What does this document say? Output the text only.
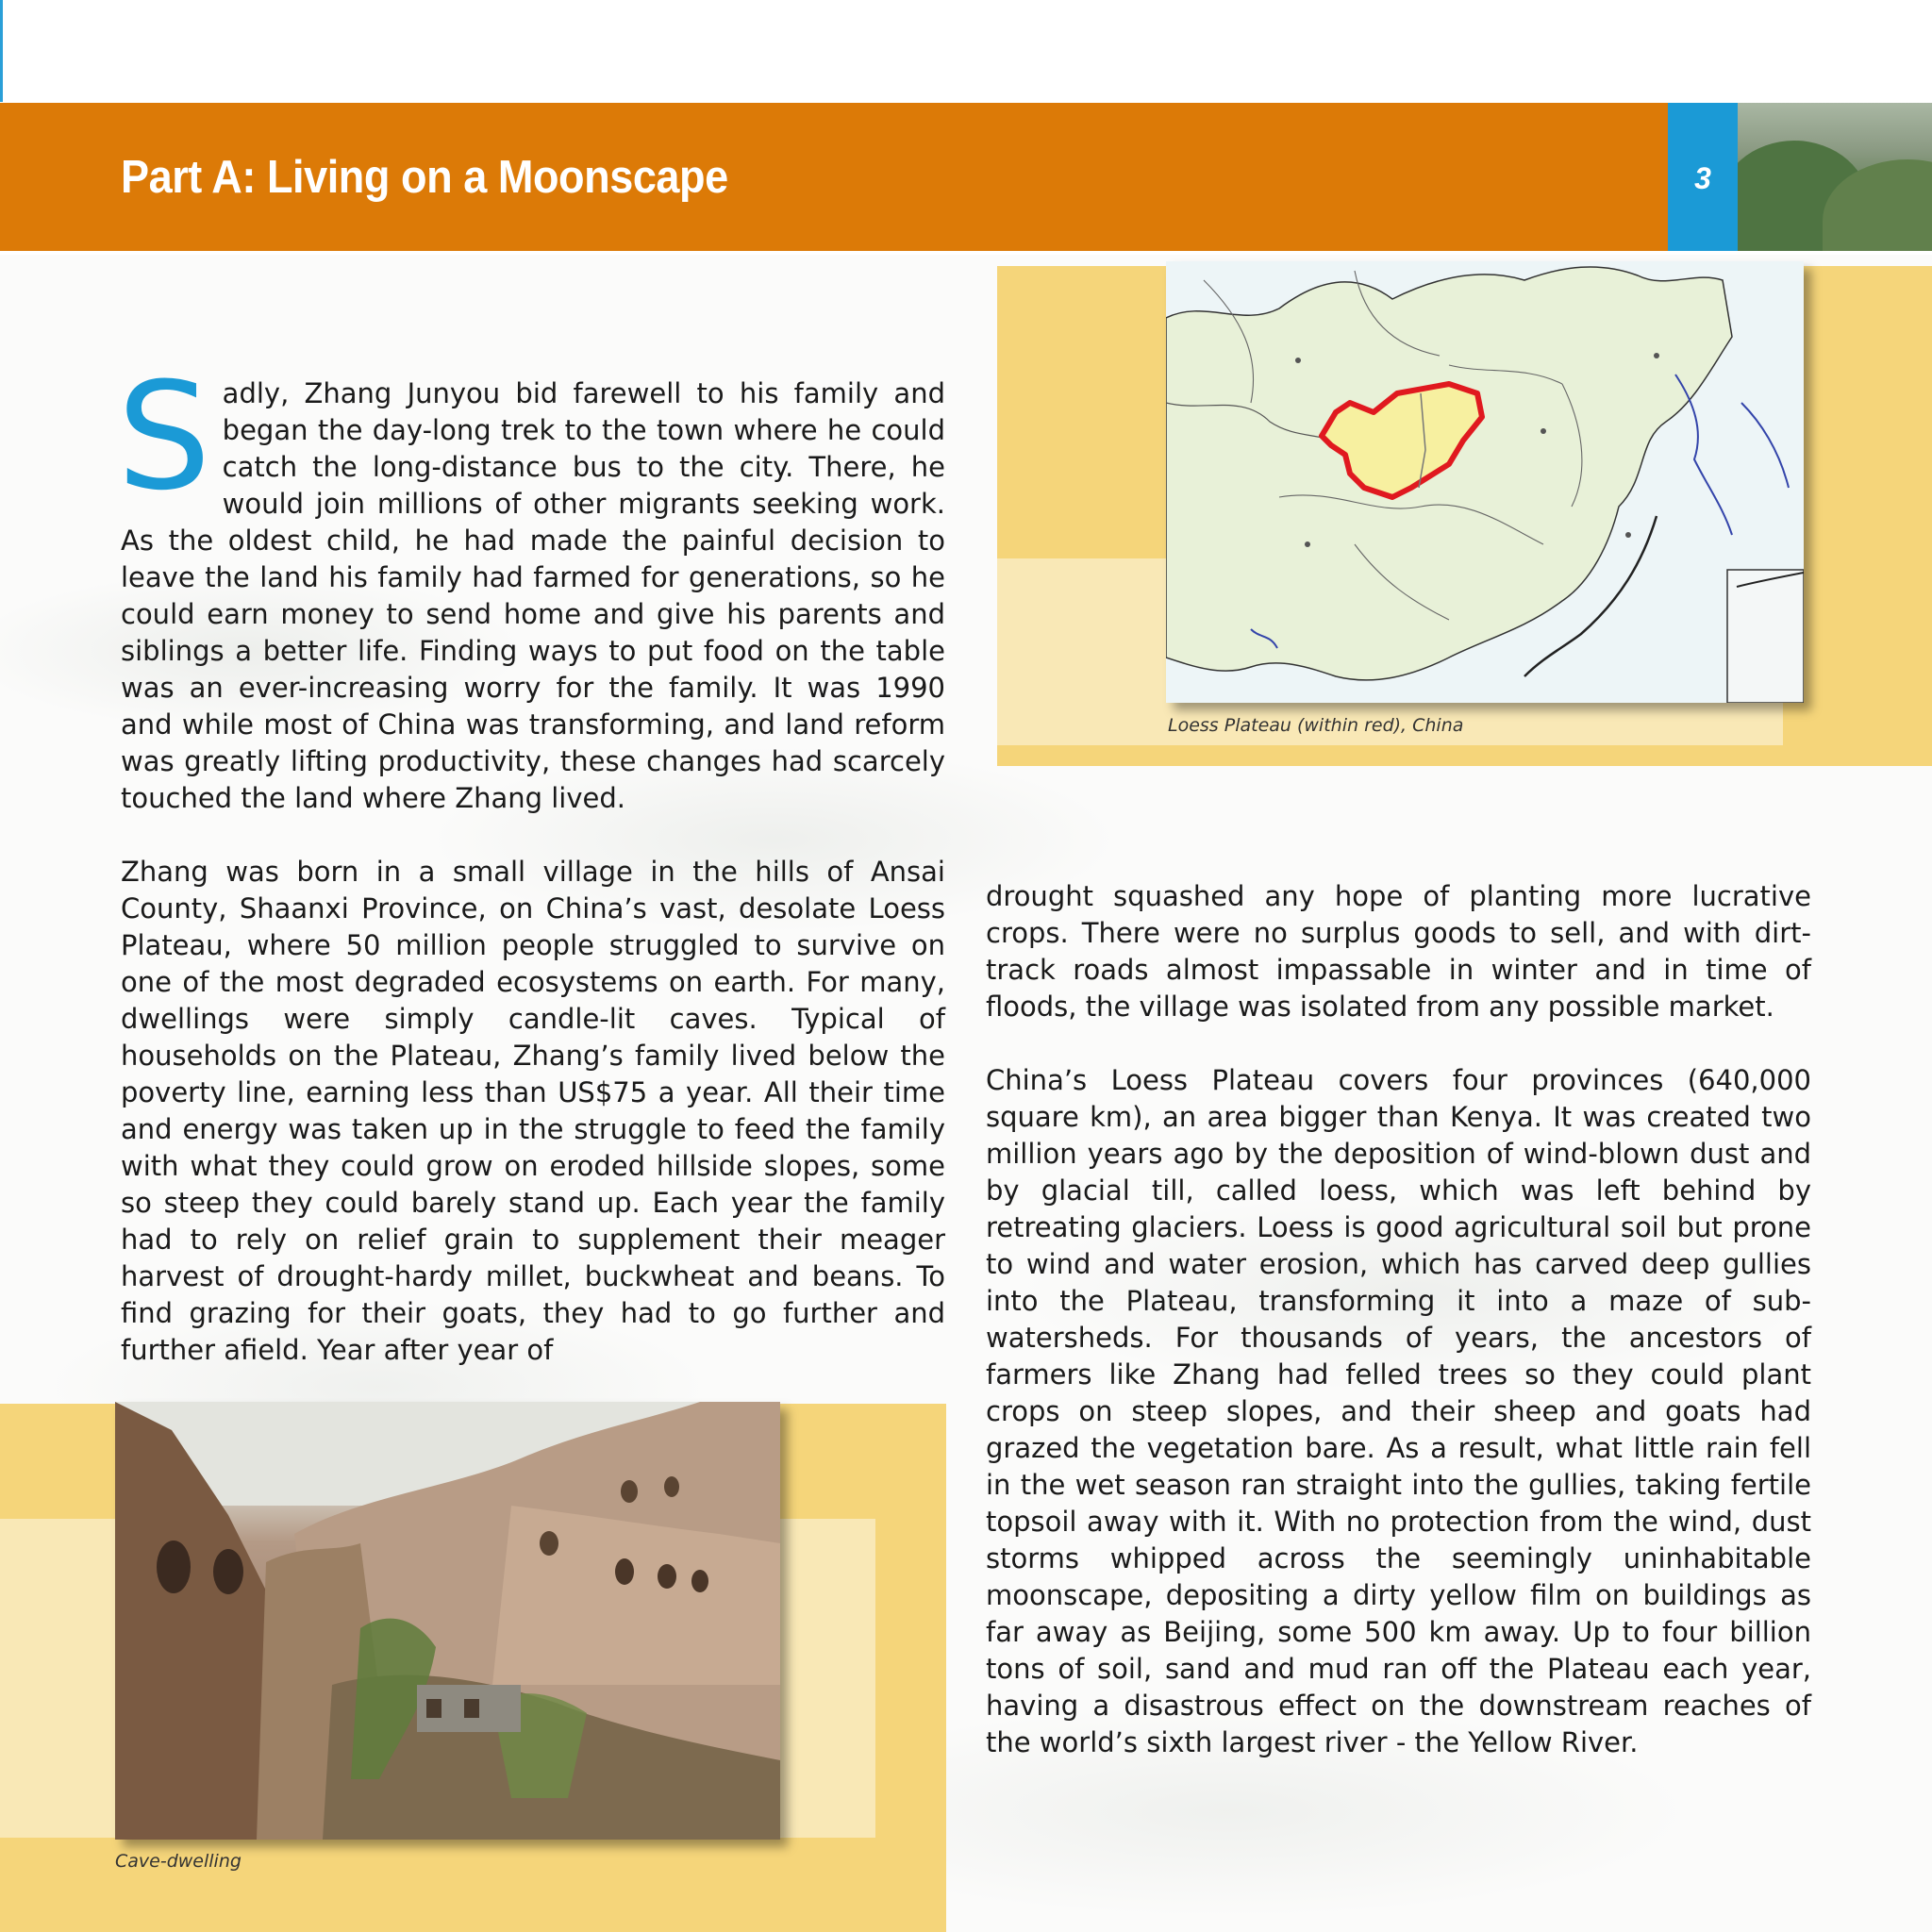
Part A: Living on a Moonscape	3
Loess Plateau (within red), China
Cave-dwelling
S adly, Zhang Junyou bid farewell to his family and began the day-long trek to the town where he could catch the long-distance bus to the city. There, he would join millions of other migrants seeking work. As the oldest child, he had made the painful decision to leave the land his family had farmed for generations, so he could earn money to send home and give his parents and siblings a better life. Finding ways to put food on the table was an ever-increasing worry for the family. It was 1990 and while most of China was transforming, and land reform was greatly lifting productivity, these changes had scarcely touched the land where Zhang lived.

Zhang was born in a small village in the hills of Ansai County, Shaanxi Province, on China’s vast, desolate Loess Plateau, where 50 million people struggled to survive on one of the most degraded ecosystems on earth. For many, dwellings were simply candle-lit caves. Typical of households on the Plateau, Zhang’s family lived below the poverty line, earning less than US$75 a year. All their time and energy was taken up in the struggle to feed the family with what they could grow on eroded hillside slopes, some so steep they could barely stand up. Each year the family had to rely on relief grain to supplement their meager harvest of drought-hardy millet, buckwheat and beans. To find grazing for their goats, they had to go further and further afield. Year after year of

drought squashed any hope of planting more lucrative crops. There were no surplus goods to sell, and with dirt-track roads almost impassable in winter and in time of floods, the village was isolated from any possible market.

China’s Loess Plateau covers four provinces (640,000 square km), an area bigger than Kenya. It was created two million years ago by the deposition of wind-blown dust and by glacial till, called loess, which was left behind by retreating glaciers. Loess is good agricultural soil but prone to wind and water erosion, which has carved deep gullies into the Plateau, transforming it into a maze of sub-watersheds. For thousands of years, the ancestors of farmers like Zhang had felled trees so they could plant crops on steep slopes, and their sheep and goats had grazed the vegetation bare. As a result, what little rain fell in the wet season ran straight into the gullies, taking fertile topsoil away with it. With no protection from the wind, dust storms whipped across the seemingly uninhabitable moonscape, depositing a dirty yellow film on buildings as far away as Beijing, some 500 km away. Up to four billion tons of soil, sand and mud ran off the Plateau each year, having a disastrous effect on the downstream reaches of the world’s sixth largest river - the Yellow River.
